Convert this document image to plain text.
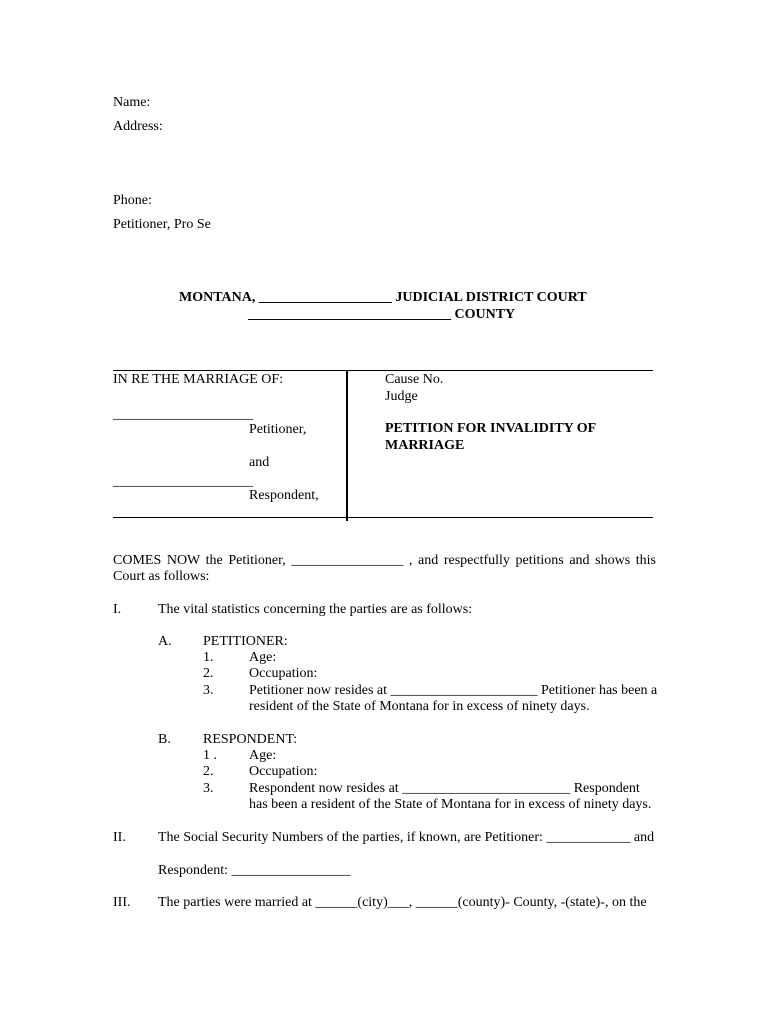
Name:
Address:
Phone:
Petitioner, Pro Se
MONTANA, ___________________ JUDICIAL DISTRICT COURT
_____________________________ COUNTY
IN RE THE MARRIAGE OF:
____________________
Petitioner,
and
____________________
Respondent,
Cause No.
Judge
PETITION FOR INVALIDITY OF
MARRIAGE
COMES NOW the Petitioner, ________________ , and respectfully petitions and shows this
Court as follows:
I.	The vital statistics concerning the parties are as follows:
A. PETITIONER:
1.	Age:
2.	Occupation:
3.	Petitioner now resides at _____________________ Petitioner has been a
resident of the State of Montana for in excess of ninety days.
B. RESPONDENT:
1 . Age:
2.	Occupation:
3.	Respondent now resides at ________________________ Respondent
has been a resident of the State of Montana for in excess of ninety days.
II. The Social Security Numbers of the parties, if known, are Petitioner: ____________ and
Respondent: _________________
III. The parties were married at ______(city)___, ______(county)- County, -(state)-, on the
